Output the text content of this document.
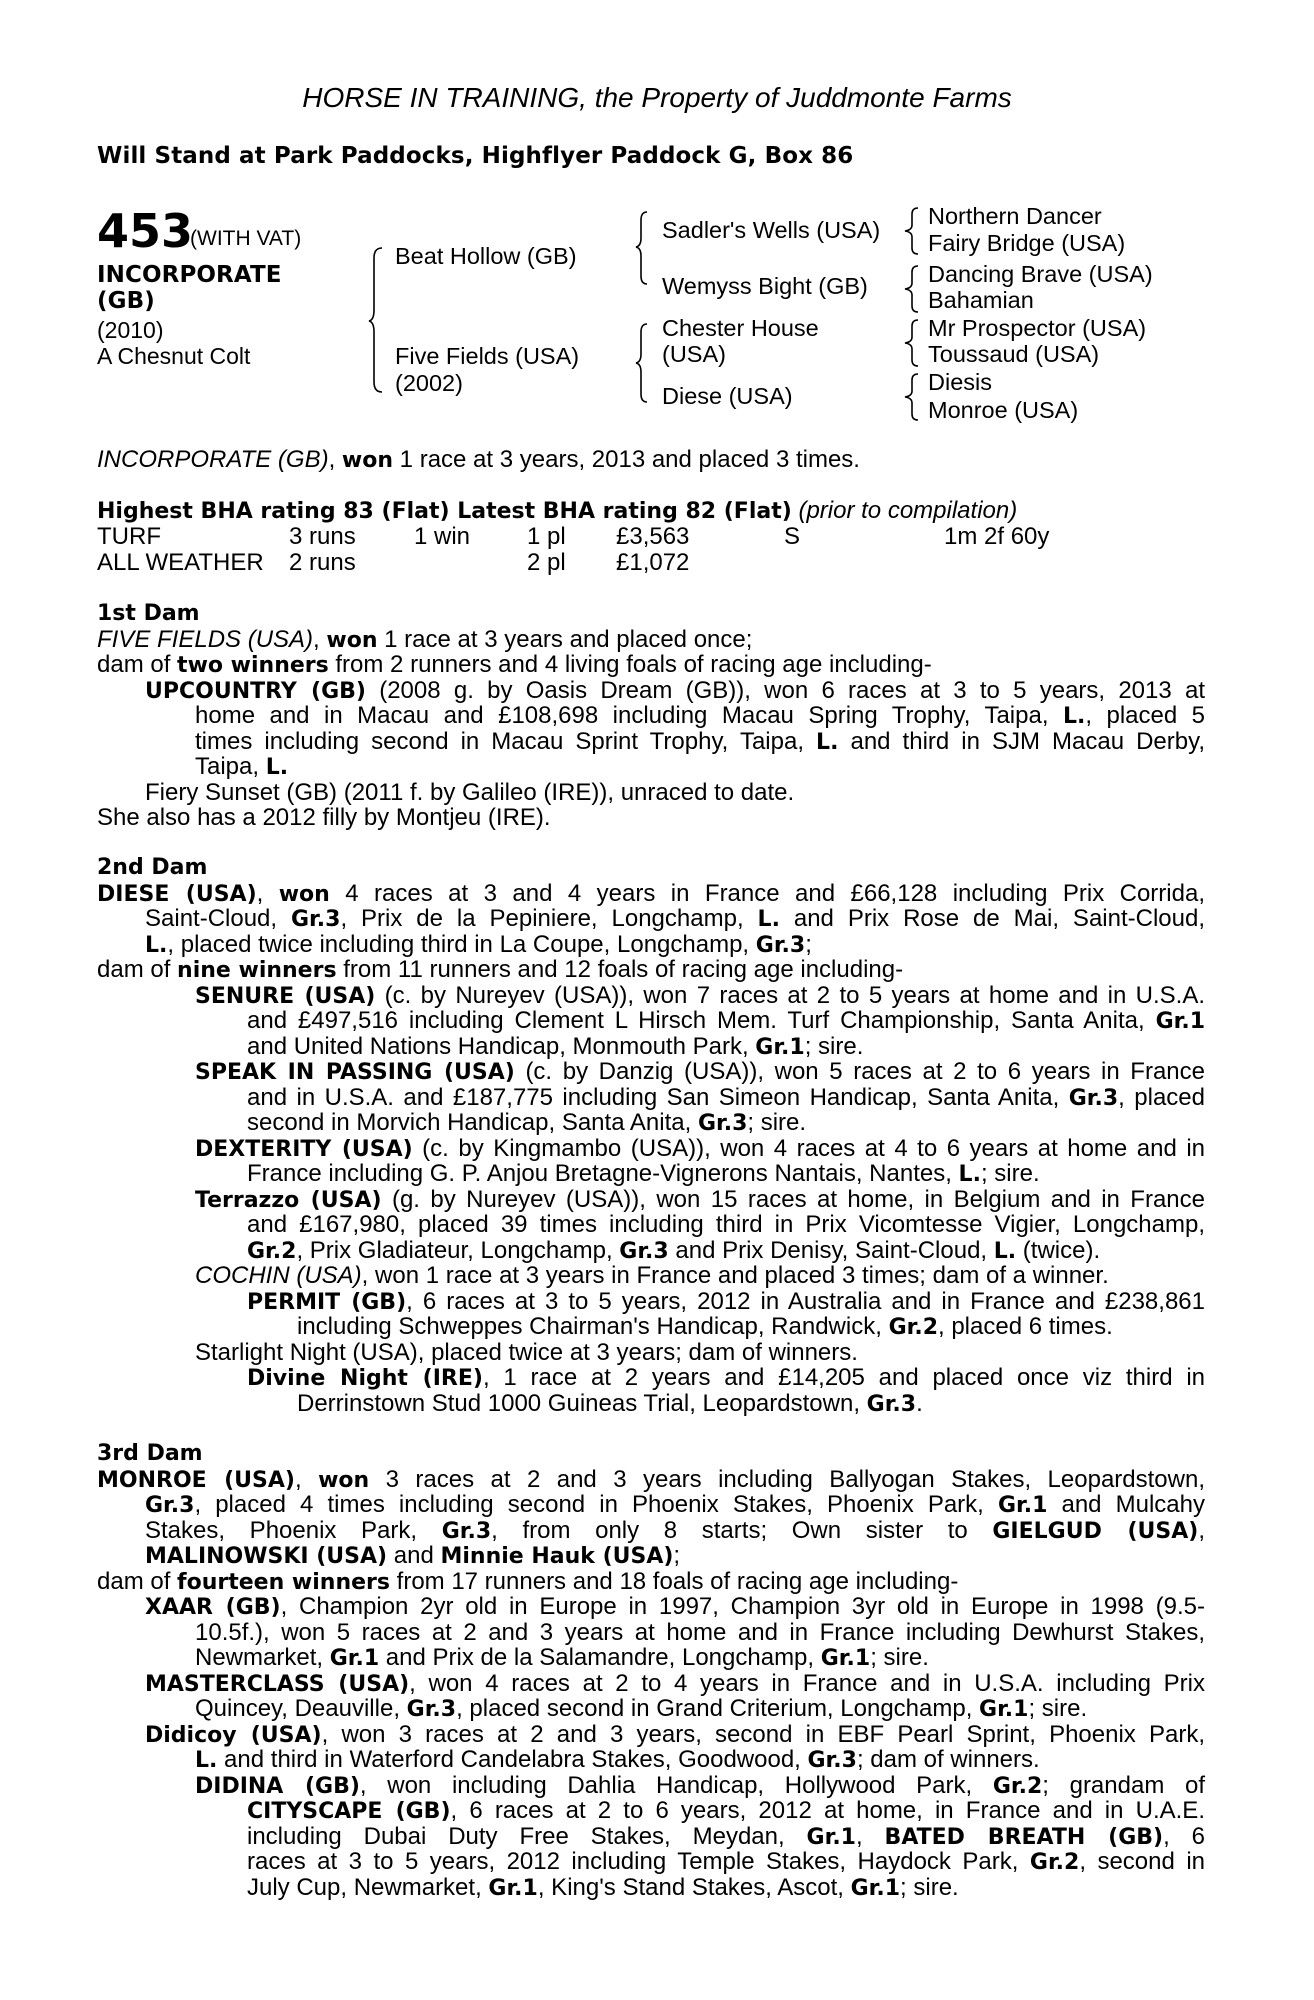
HORSE IN TRAINING, the Property of Juddmonte Farms
Will Stand at Park Paddocks, Highflyer Paddock G, Box 86
453
(WITH VAT)
INCORPORATE
(GB)
(2010)
A Chesnut Colt
Beat Hollow (GB)
Five Fields (USA)
(2002)
Sadler's Wells (USA)
Wemyss Bight (GB)
Chester House
(USA)
Diese (USA)
Northern Dancer
Fairy Bridge (USA)
Dancing Brave (USA)
Bahamian
Mr Prospector (USA)
Toussaud (USA)
Diesis
Monroe (USA)
INCORPORATE (GB), won 1 race at 3 years, 2013 and placed 3 times.
Highest BHA rating 83 (Flat) Latest BHA rating 82 (Flat) (prior to compilation)
TURF	3 runs 1 win 1 pl £3,563	S	1m 2f 60y
ALL WEATHER 2 runs	2 pl £1,072
1st Dam
FIVE FIELDS (USA), won 1 race at 3 years and placed once;
dam of two winners from 2 runners and 4 living foals of racing age including-
UPCOUNTRY (GB) (2008 g. by Oasis Dream (GB)), won 6 races at 3 to 5 years, 2013 at
home and in Macau and £108,698 including Macau Spring Trophy, Taipa, L., placed 5
times including second in Macau Sprint Trophy, Taipa, L. and third in SJM Macau Derby,
Taipa, L.
Fiery Sunset (GB) (2011 f. by Galileo (IRE)), unraced to date.
She also has a 2012 filly by Montjeu (IRE).
2nd Dam
DIESE (USA), won 4 races at 3 and 4 years in France and £66,128 including Prix Corrida,
Saint-Cloud, Gr.3, Prix de la Pepiniere, Longchamp, L. and Prix Rose de Mai, Saint-Cloud,
L., placed twice including third in La Coupe, Longchamp, Gr.3;
dam of nine winners from 11 runners and 12 foals of racing age including-
SENURE (USA) (c. by Nureyev (USA)), won 7 races at 2 to 5 years at home and in U.S.A.
and £497,516 including Clement L Hirsch Mem. Turf Championship, Santa Anita, Gr.1
and United Nations Handicap, Monmouth Park, Gr.1; sire.
SPEAK IN PASSING (USA) (c. by Danzig (USA)), won 5 races at 2 to 6 years in France
and in U.S.A. and £187,775 including San Simeon Handicap, Santa Anita, Gr.3, placed
second in Morvich Handicap, Santa Anita, Gr.3; sire.
DEXTERITY (USA) (c. by Kingmambo (USA)), won 4 races at 4 to 6 years at home and in
France including G. P. Anjou Bretagne-Vignerons Nantais, Nantes, L.; sire.
Terrazzo (USA) (g. by Nureyev (USA)), won 15 races at home, in Belgium and in France
and £167,980, placed 39 times including third in Prix Vicomtesse Vigier, Longchamp,
Gr.2, Prix Gladiateur, Longchamp, Gr.3 and Prix Denisy, Saint-Cloud, L. (twice).
COCHIN (USA), won 1 race at 3 years in France and placed 3 times; dam of a winner.
PERMIT (GB), 6 races at 3 to 5 years, 2012 in Australia and in France and £238,861
including Schweppes Chairman's Handicap, Randwick, Gr.2, placed 6 times.
Starlight Night (USA), placed twice at 3 years; dam of winners.
Divine Night (IRE), 1 race at 2 years and £14,205 and placed once viz third in
Derrinstown Stud 1000 Guineas Trial, Leopardstown, Gr.3.
3rd Dam
MONROE (USA), won 3 races at 2 and 3 years including Ballyogan Stakes, Leopardstown,
Gr.3, placed 4 times including second in Phoenix Stakes, Phoenix Park, Gr.1 and Mulcahy
Stakes, Phoenix Park, Gr.3, from only 8 starts; Own sister to GIELGUD (USA),
MALINOWSKI (USA) and Minnie Hauk (USA);
dam of fourteen winners from 17 runners and 18 foals of racing age including-
XAAR (GB), Champion 2yr old in Europe in 1997, Champion 3yr old in Europe in 1998 (9.5-
10.5f.), won 5 races at 2 and 3 years at home and in France including Dewhurst Stakes,
Newmarket, Gr.1 and Prix de la Salamandre, Longchamp, Gr.1; sire.
MASTERCLASS (USA), won 4 races at 2 to 4 years in France and in U.S.A. including Prix
Quincey, Deauville, Gr.3, placed second in Grand Criterium, Longchamp, Gr.1; sire.
Didicoy (USA), won 3 races at 2 and 3 years, second in EBF Pearl Sprint, Phoenix Park,
L. and third in Waterford Candelabra Stakes, Goodwood, Gr.3; dam of winners.
DIDINA (GB), won including Dahlia Handicap, Hollywood Park, Gr.2; grandam of
CITYSCAPE (GB), 6 races at 2 to 6 years, 2012 at home, in France and in U.A.E.
including Dubai Duty Free Stakes, Meydan, Gr.1, BATED BREATH (GB), 6
races at 3 to 5 years, 2012 including Temple Stakes, Haydock Park, Gr.2, second in
July Cup, Newmarket, Gr.1, King's Stand Stakes, Ascot, Gr.1; sire.
